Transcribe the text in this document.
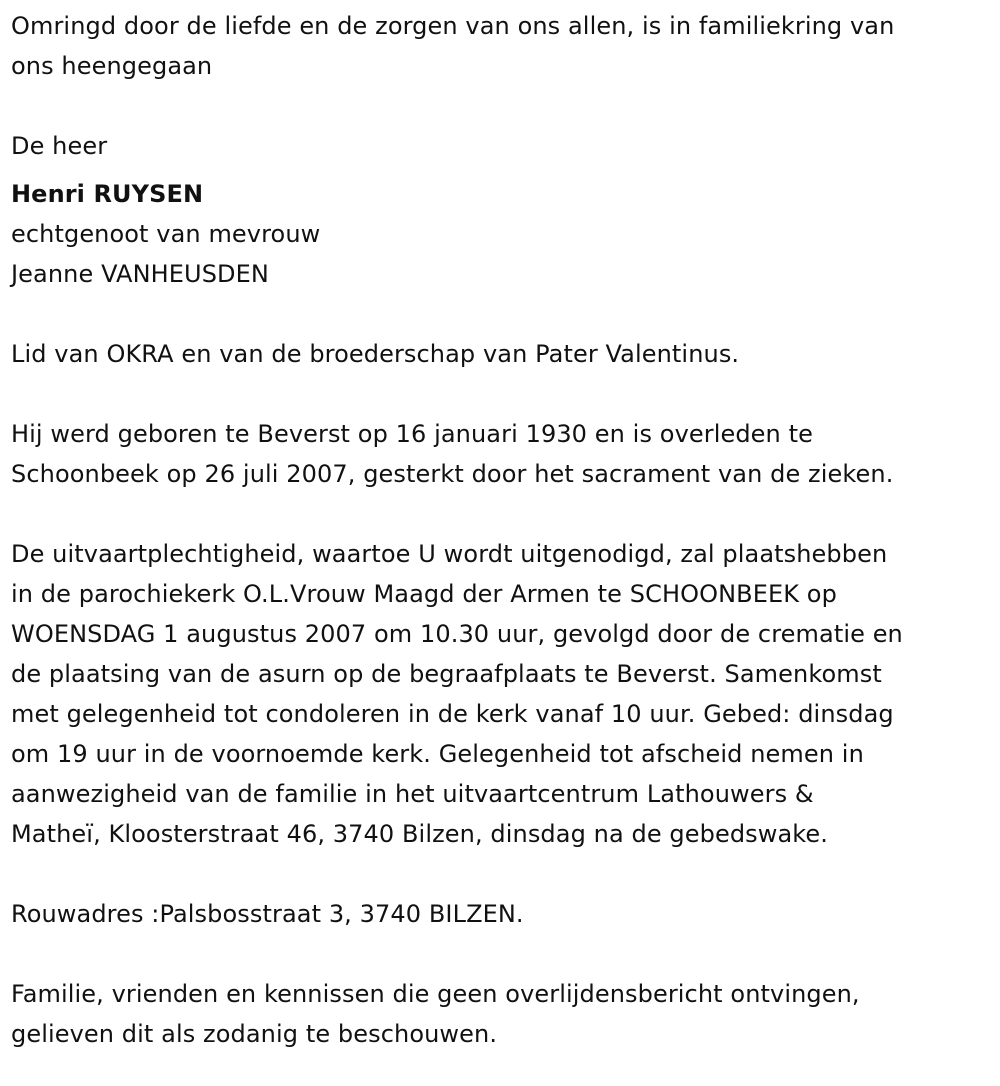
Omringd door de liefde en de zorgen van ons allen, is in familiekring van
ons heengegaan

De heer

Henri RUYSEN

echtgenoot van mevrouw

Jeanne VANHEUSDEN

Lid van OKRA en van de broederschap van Pater Valentinus.

Hij werd geboren te Beverst op 16 januari 1930 en is overleden te
Schoonbeek op 26 juli 2007, gesterkt door het sacrament van de zieken.

De uitvaartplechtigheid, waartoe U wordt uitgenodigd, zal plaatshebben
in de parochiekerk O.L.Vrouw Maagd der Armen te SCHOONBEEK op
WOENSDAG 1 augustus 2007 om 10.30 uur, gevolgd door de crematie en
de plaatsing van de asurn op de begraafplaats te Beverst. Samenkomst
met gelegenheid tot condoleren in de kerk vanaf 10 uur. Gebed: dinsdag
om 19 uur in de voornoemde kerk. Gelegenheid tot afscheid nemen in
aanwezigheid van de familie in het uitvaartcentrum Lathouwers &
Matheï, Kloosterstraat 46, 3740 Bilzen, dinsdag na de gebedswake.

Rouwadres :Palsbosstraat 3, 3740 BILZEN.

Familie, vrienden en kennissen die geen overlijdensbericht ontvingen,
gelieven dit als zodanig te beschouwen.
